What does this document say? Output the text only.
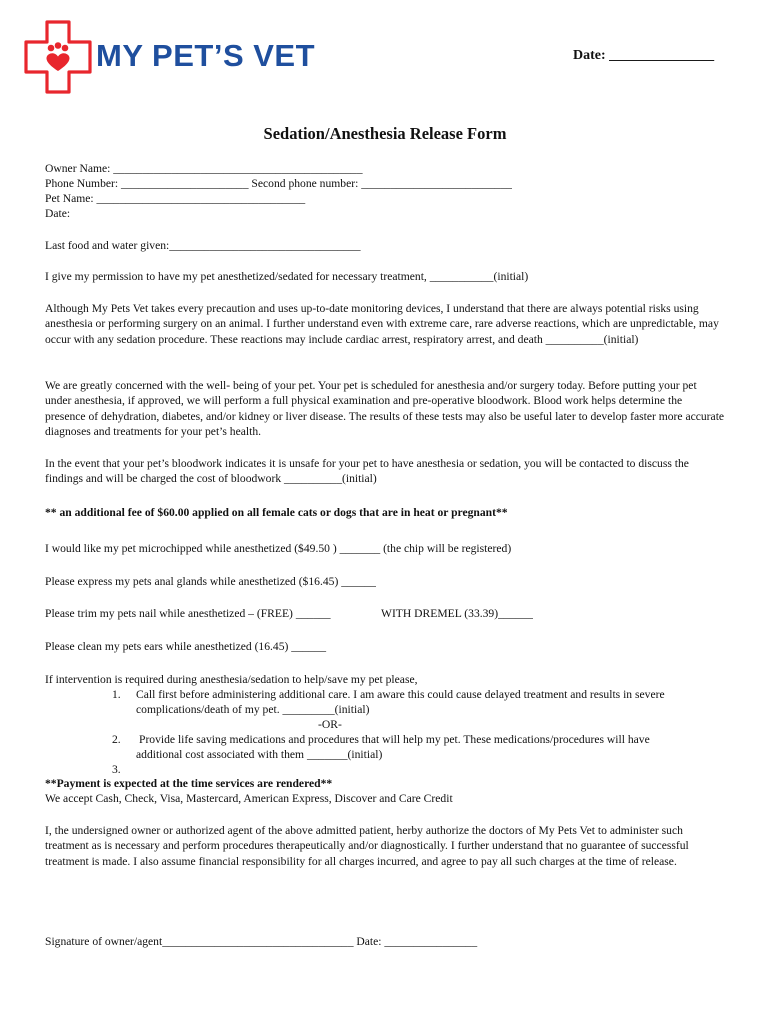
MY PET’S VET	Date: _______________
Sedation/Anesthesia Release Form
Owner Name: ___________________________________________
Phone Number: ______________________ Second phone number: __________________________
Pet Name: ____________________________________
Date:
Last food and water given:_________________________________
I give my permission to have my pet anesthetized/sedated for necessary treatment, ___________(initial)
Although My Pets Vet takes every precaution and uses up-to-date monitoring devices, I understand that there are always potential risks using anesthesia or performing surgery on an animal. I further understand even with extreme care, rare adverse reactions, which are unpredictable, may occur with any sedation procedure. These reactions may include cardiac arrest, respiratory arrest, and death __________(initial)
We are greatly concerned with the well- being of your pet. Your pet is scheduled for anesthesia and/or surgery today. Before putting your pet under anesthesia, if approved, we will perform a full physical examination and pre-operative bloodwork. Blood work helps determine the presence of dehydration, diabetes, and/or kidney or liver disease. The results of these tests may also be useful later to develop faster more accurate diagnoses and treatments for your pet’s health.
In the event that your pet’s bloodwork indicates it is unsafe for your pet to have anesthesia or sedation, you will be contacted to discuss the findings and will be charged the cost of bloodwork __________(initial)
** an additional fee of $60.00 applied on all female cats or dogs that are in heat or pregnant**
I would like my pet microchipped while anesthetized ($49.50 ) _______ (the chip will be registered)
Please express my pets anal glands while anesthetized ($16.45) ______
Please trim my pets nail while anesthetized – (FREE) ______	WITH DREMEL (33.39)______
Please clean my pets ears while anesthetized (16.45) ______
If intervention is required during anesthesia/sedation to help/save my pet please,
1. Call first before administering additional care. I am aware this could cause delayed treatment and results in severe
complications/death of my pet. _________(initial)
-OR-
2. Provide life saving medications and procedures that will help my pet. These medications/procedures will have
additional cost associated with them _______(initial)
3.
**Payment is expected at the time services are rendered**
We accept Cash, Check, Visa, Mastercard, American Express, Discover and Care Credit
I, the undersigned owner or authorized agent of the above admitted patient, herby authorize the doctors of My Pets Vet to administer such treatment as is necessary and perform procedures therapeutically and/or diagnostically. I further understand that no guarantee of successful treatment is made. I also assume financial responsibility for all charges incurred, and agree to pay all such charges at the time of release.
Signature of owner/agent_________________________________ Date: ________________
